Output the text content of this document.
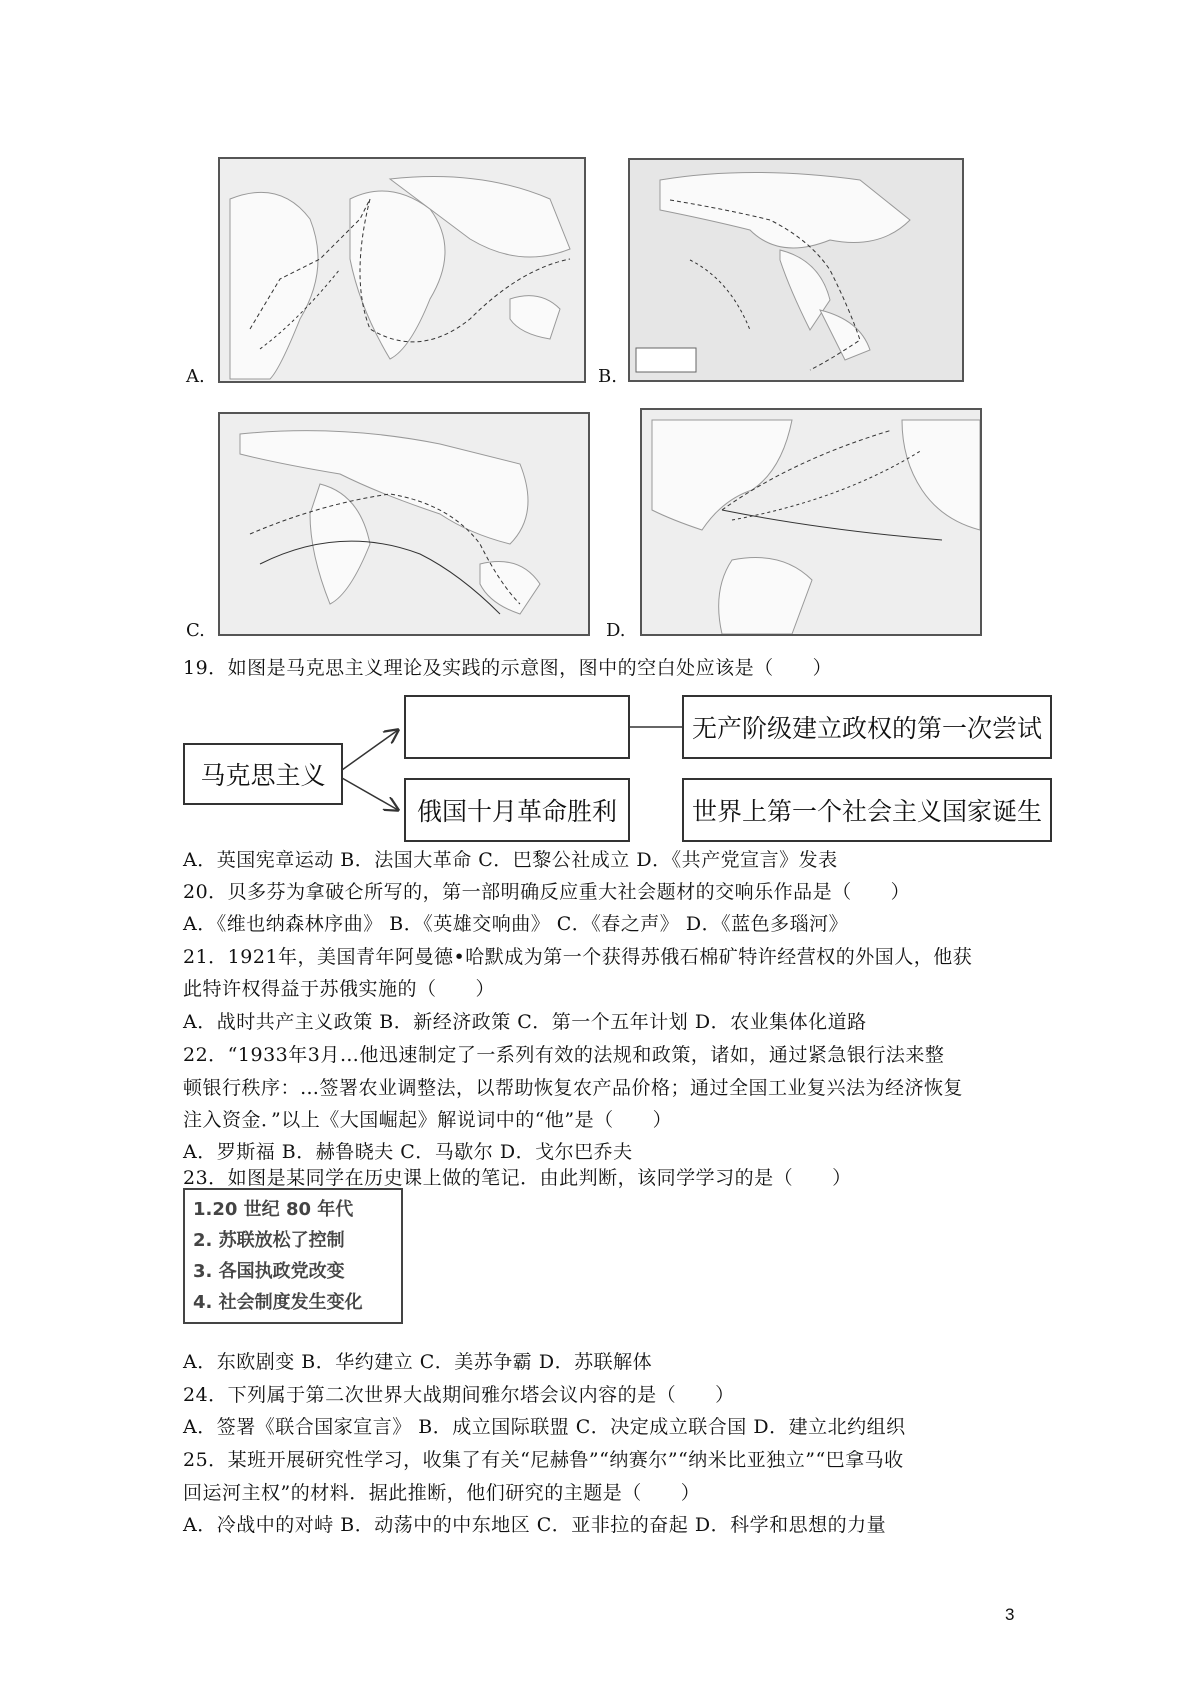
A.	B.
C.	D.
19．如图是马克思主义理论及实践的示意图，图中的空白处应该是（　　）
马克思主义
无产阶级建立政权的第一次尝试
俄国十月革命胜利	世界上第一个社会主义国家诞生
A．英国宪章运动 B．法国大革命 C．巴黎公社成立 D．《共产党宣言》发表
20．贝多芬为拿破仑所写的，第一部明确反应重大社会题材的交响乐作品是（　　）
A．《维也纳森林序曲》 B．《英雄交响曲》 C．《春之声》 D．《蓝色多瑙河》
21．1921年，美国青年阿曼德•哈默成为第一个获得苏俄石棉矿特许经营权的外国人，他获
此特许权得益于苏俄实施的（　　）
A．战时共产主义政策 B．新经济政策 C．第一个五年计划 D．农业集体化道路
22．“1933年3月…他迅速制定了一系列有效的法规和政策，诸如，通过紧急银行法来整
顿银行秩序：…签署农业调整法，以帮助恢复农产品价格；通过全国工业复兴法为经济恢复
注入资金．”以上《大国崛起》解说词中的“他”是（　　）
A．罗斯福 B．赫鲁晓夫 C．马歇尔 D．戈尔巴乔夫
23．如图是某同学在历史课上做的笔记．由此判断，该同学学习的是（　　）
1.20 世纪 80 年代
2. 苏联放松了控制
3. 各国执政党改变
4. 社会制度发生变化
A．东欧剧变 B．华约建立 C．美苏争霸 D．苏联解体
24．下列属于第二次世界大战期间雅尔塔会议内容的是（　　）
A．签署《联合国家宣言》 B．成立国际联盟 C．决定成立联合国 D．建立北约组织
25．某班开展研究性学习，收集了有关“尼赫鲁”“纳赛尔”“纳米比亚独立”“巴拿马收
回运河主权”的材料．据此推断，他们研究的主题是（　　）
A．冷战中的对峙 B．动荡中的中东地区 C．亚非拉的奋起 D．科学和思想的力量
3
